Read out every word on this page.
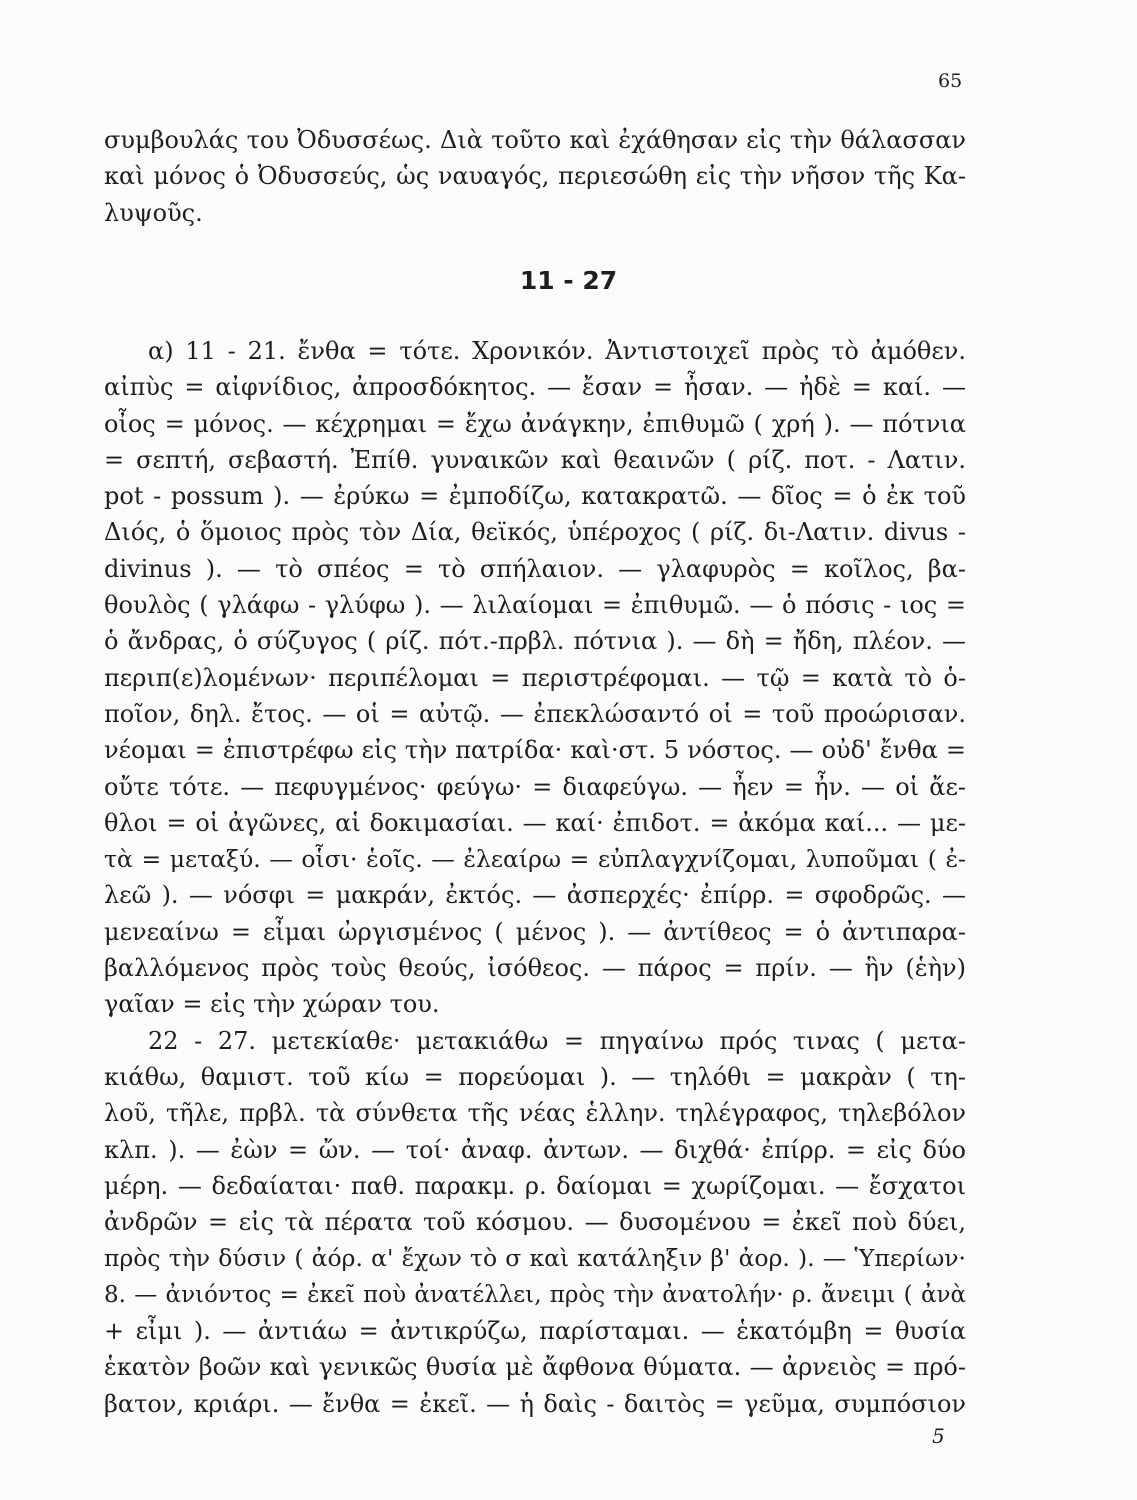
65
συμβουλάς του Ὀδυσσέως. Διὰ τοῦτο καὶ ἐχάθησαν εἰς τὴν θάλασσαν
καὶ μόνος ὁ Ὀδυσσεύς, ὡς ναυαγός, περιεσώθη εἰς τὴν νῆσον τῆς Κα-
λυψοῦς.
11 - 27
α) 11 - 21. ἔνθα = τότε. Χρονικόν. Ἀντιστοιχεῖ πρὸς τὸ ἀμόθεν.
αἰπὺς = αἰφνίδιος, ἀπροσδόκητος. — ἔσαν = ἦσαν. — ἠδὲ = καί. —
οἶος = μόνος. — κέχρημαι = ἔχω ἀνάγκην, ἐπιθυμῶ ( χρή ). — πότνια
= σεπτή, σεβαστή. Ἐπίθ. γυναικῶν καὶ θεαινῶν ( ρίζ. ποτ. - Λατιν.
pot - possum ). — ἐρύκω = ἐμποδίζω, κατακρατῶ. — δῖος = ὁ ἐκ τοῦ
Διός, ὁ ὅμοιος πρὸς τὸν Δία, θεϊκός, ὑπέροχος ( ρίζ. δι-Λατιν. divus -
divinus ). — τὸ σπέος = τὸ σπήλαιον. — γλαφυρὸς = κοῖλος, βα-
θουλὸς ( γλάφω - γλύφω ). — λιλαίομαι = ἐπιθυμῶ. — ὁ πόσις - ιος =
ὁ ἄνδρας, ὁ σύζυγος ( ρίζ. πότ.-πρβλ. πότνια ). — δὴ = ἤδη, πλέον. —
περιπ(ε)λομένων· περιπέλομαι = περιστρέφομαι. — τῷ = κατὰ τὸ ὁ-
ποῖον, δηλ. ἔτος. — οἱ = αὐτῷ. — ἐπεκλώσαντό οἱ = τοῦ προώρισαν.
νέομαι = ἐπιστρέφω εἰς τὴν πατρίδα· καὶ·στ. 5 νόστος. — οὐδ' ἔνθα =
οὔτε τότε. — πεφυγμένος· φεύγω· = διαφεύγω. — ἦεν = ἦν. — οἱ ἄε-
θλοι = οἱ ἀγῶνες, αἱ δοκιμασίαι. — καί· ἐπιδοτ. = ἀκόμα καί... — με-
τὰ = μεταξύ. — οἷσι· ἑοῖς. — ἐλεαίρω = εὐπλαγχνίζομαι, λυποῦμαι ( ἐ-
λεῶ ). — νόσφι = μακράν, ἐκτός. — ἀσπερχές· ἐπίρρ. = σφοδρῶς. —
μενεαίνω = εἶμαι ὠργισμένος ( μένος ). — ἀντίθεος = ὁ ἀντιπαρα-
βαλλόμενος πρὸς τοὺς θεούς, ἰσόθεος. — πάρος = πρίν. — ἣν (ἑὴν)
γαῖαν = εἰς τὴν χώραν του.
22 - 27. μετεκίαθε· μετακιάθω = πηγαίνω πρός τινας ( μετα-
κιάθω, θαμιστ. τοῦ κίω = πορεύομαι ). — τηλόθι = μακρὰν ( τη-
λοῦ, τῆλε, πρβλ. τὰ σύνθετα τῆς νέας ἑλλην. τηλέγραφος, τηλεβόλον
κλπ. ). — ἐὼν = ὤν. — τοί· ἀναφ. ἀντων. — διχθά· ἐπίρρ. = εἰς δύο
μέρη. — δεδαίαται· παθ. παρακμ. ρ. δαίομαι = χωρίζομαι. — ἔσχατοι
ἀνδρῶν = εἰς τὰ πέρατα τοῦ κόσμου. — δυσομένου = ἐκεῖ ποὺ δύει,
πρὸς τὴν δύσιν ( ἀόρ. α' ἔχων τὸ σ καὶ κατάληξιν β' ἀορ. ). — Ὑπερίων·
8. — ἀνιόντος = ἐκεῖ ποὺ ἀνατέλλει, πρὸς τὴν ἀνατολήν· ρ. ἄνειμι ( ἀνὰ
+ εἶμι ). — ἀντιάω = ἀντικρύζω, παρίσταμαι. — ἑκατόμβη = θυσία
ἑκατὸν βοῶν καὶ γενικῶς θυσία μὲ ἄφθονα θύματα. — ἀρνειὸς = πρό-
βατον, κριάρι. — ἔνθα = ἐκεῖ. — ἡ δαὶς - δαιτὸς = γεῦμα, συμπόσιον
5
